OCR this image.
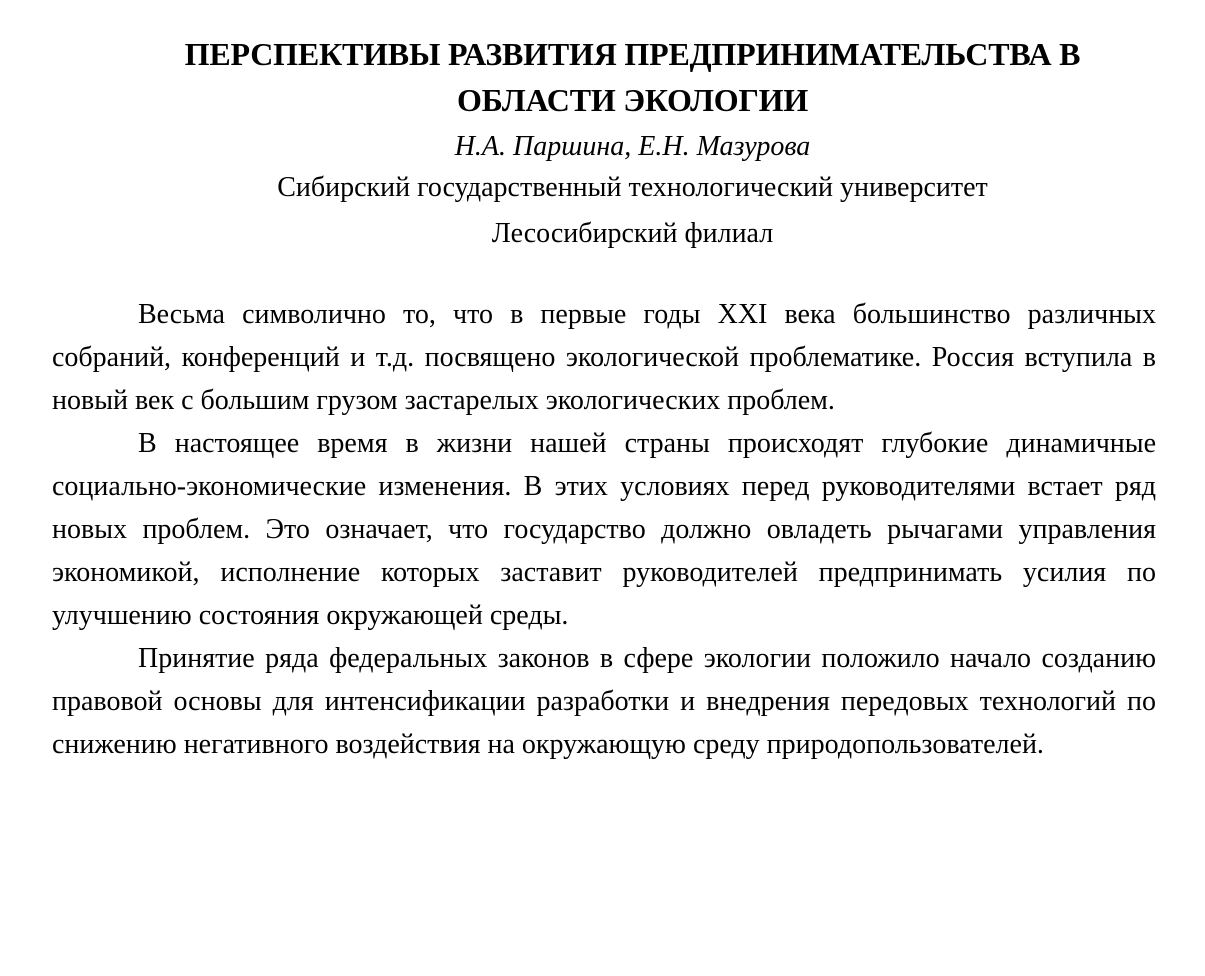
ПЕРСПЕКТИВЫ РАЗВИТИЯ ПРЕДПРИНИМАТЕЛЬСТВА В
ОБЛАСТИ ЭКОЛОГИИ
Н.А. Паршина, Е.Н. Мазурова
Сибирский государственный технологический университет
Лесосибирский филиал

Весьма символично то, что в первые годы XXI века большинство различных собраний, конференций и т.д. посвящено экологической проблематике. Россия вступила в новый век с большим грузом застарелых экологических проблем.

В настоящее время в жизни нашей страны происходят глубокие динамичные социально-экономические изменения. В этих условиях перед руководителями встает ряд новых проблем. Это означает, что государство должно овладеть рычагами управления экономикой, исполнение которых заставит руководителей предпринимать усилия по улучшению состояния окружающей среды.

Принятие ряда федеральных законов в сфере экологии положило начало созданию правовой основы для интенсификации разработки и внедрения передовых технологий по снижению негативного воздействия на окружающую среду природопользователей.
